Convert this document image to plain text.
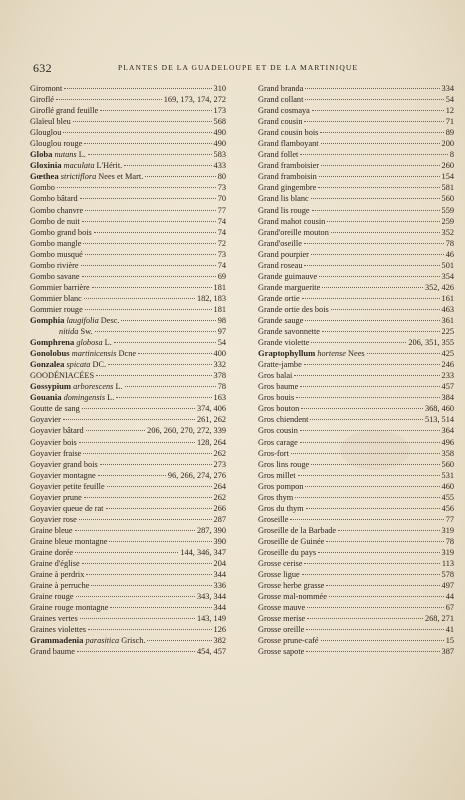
632	PLANTES DE LA GUADELOUPE ET DE LA MARTINIQUE
Giromont	310
Giroflé	169, 173, 174, 272
Giroflé grand feuille	173
Glaïeul bleu	568
Glouglou	490
Glouglou rouge	490
Globa nutans L.	583
Gloxinia maculata L'Hérit.	433
Gœthea strictiflora Nees et Mart.	80
Gombo	73
Gombo bâtard	70
Gombo chanvre	77
Gombo de nuit	74
Gombo grand bois	74
Gombo mangle	72
Gombo musqué	73
Gombo rivière	74
Gombo savane	69
Gommier barrière	181
Gommier blanc	182, 183
Gommier rouge	181
Gomphia laugifolia Desc.	98
nitida Sw.	97
Gomphrena globosa L.	54
Gonolobus martinicensis Dcne	400
Gonzalea spicata DC.	332
GOODÉNIACÉES	378
Gossypium arborescens L.	78
Gouania domingensis L.	163
Goutte de sang	374, 406
Goyavier	261, 262
Goyavier bâtard	206, 260, 270, 272, 339
Goyavier bois	128, 264
Goyavier fraise	262
Goyavier grand bois	273
Goyavier montagne	96, 266, 274, 276
Goyavier petite feuille	264
Goyavier prune	262
Goyavier queue de rat	266
Goyavier rose	287
Graine bleue	287, 390
Graine bleue montagne	390
Graine dorée	144, 346, 347
Graine d'église	204
Graine à perdrix	344
Graine à perruche	336
Graine rouge	343, 344
Graine rouge montagne	344
Graines vertes	143, 149
Graines violettes	126
Grammadenia parasitica Grisch.	382
Grand baume	454, 457
Grand branda	334
Grand collant	54
Grand cosmaya	12
Grand cousin	71
Grand cousin bois	89
Grand flamboyant	200
Grand follet	8
Grand framboisier	260
Grand framboisin	154
Grand gingembre	581
Grand lis blanc	560
Grand lis rouge	559
Grand mahot cousin	259
Grand'oreille mouton	352
Grand'oseille	78
Grand pourpier	46
Grand roseau	501
Grande guimauve	354
Grande marguerite	352, 426
Grande ortie	161
Grande ortie des bois	463
Grande sauge	361
Grande savonnette	225
Grande violette	206, 351, 355
Graptophyllum hortense Nees	425
Gratte-jambe	246
Gros balai	233
Gros baume	457
Gros bouis	384
Gros bouton	368, 460
Gros chiendent	513, 514
Gros cousin	364
Gros carage	496
Gros-fort	358
Gros lins rouge	560
Gros millet	531
Gros pompon	460
Gros thym	455
Gros du thym	456
Groseille	77
Groseille de la Barbade	319
Groseille de Guinée	78
Groseille du pays	319
Grosse cerise	113
Grosse ligue	578
Grosse herbe grasse	497
Grosse mal-nommée	44
Grosse mauve	67
Grosse merise	268, 271
Grosse oreille	41
Grosse prune-café	15
Grosse sapote	387
